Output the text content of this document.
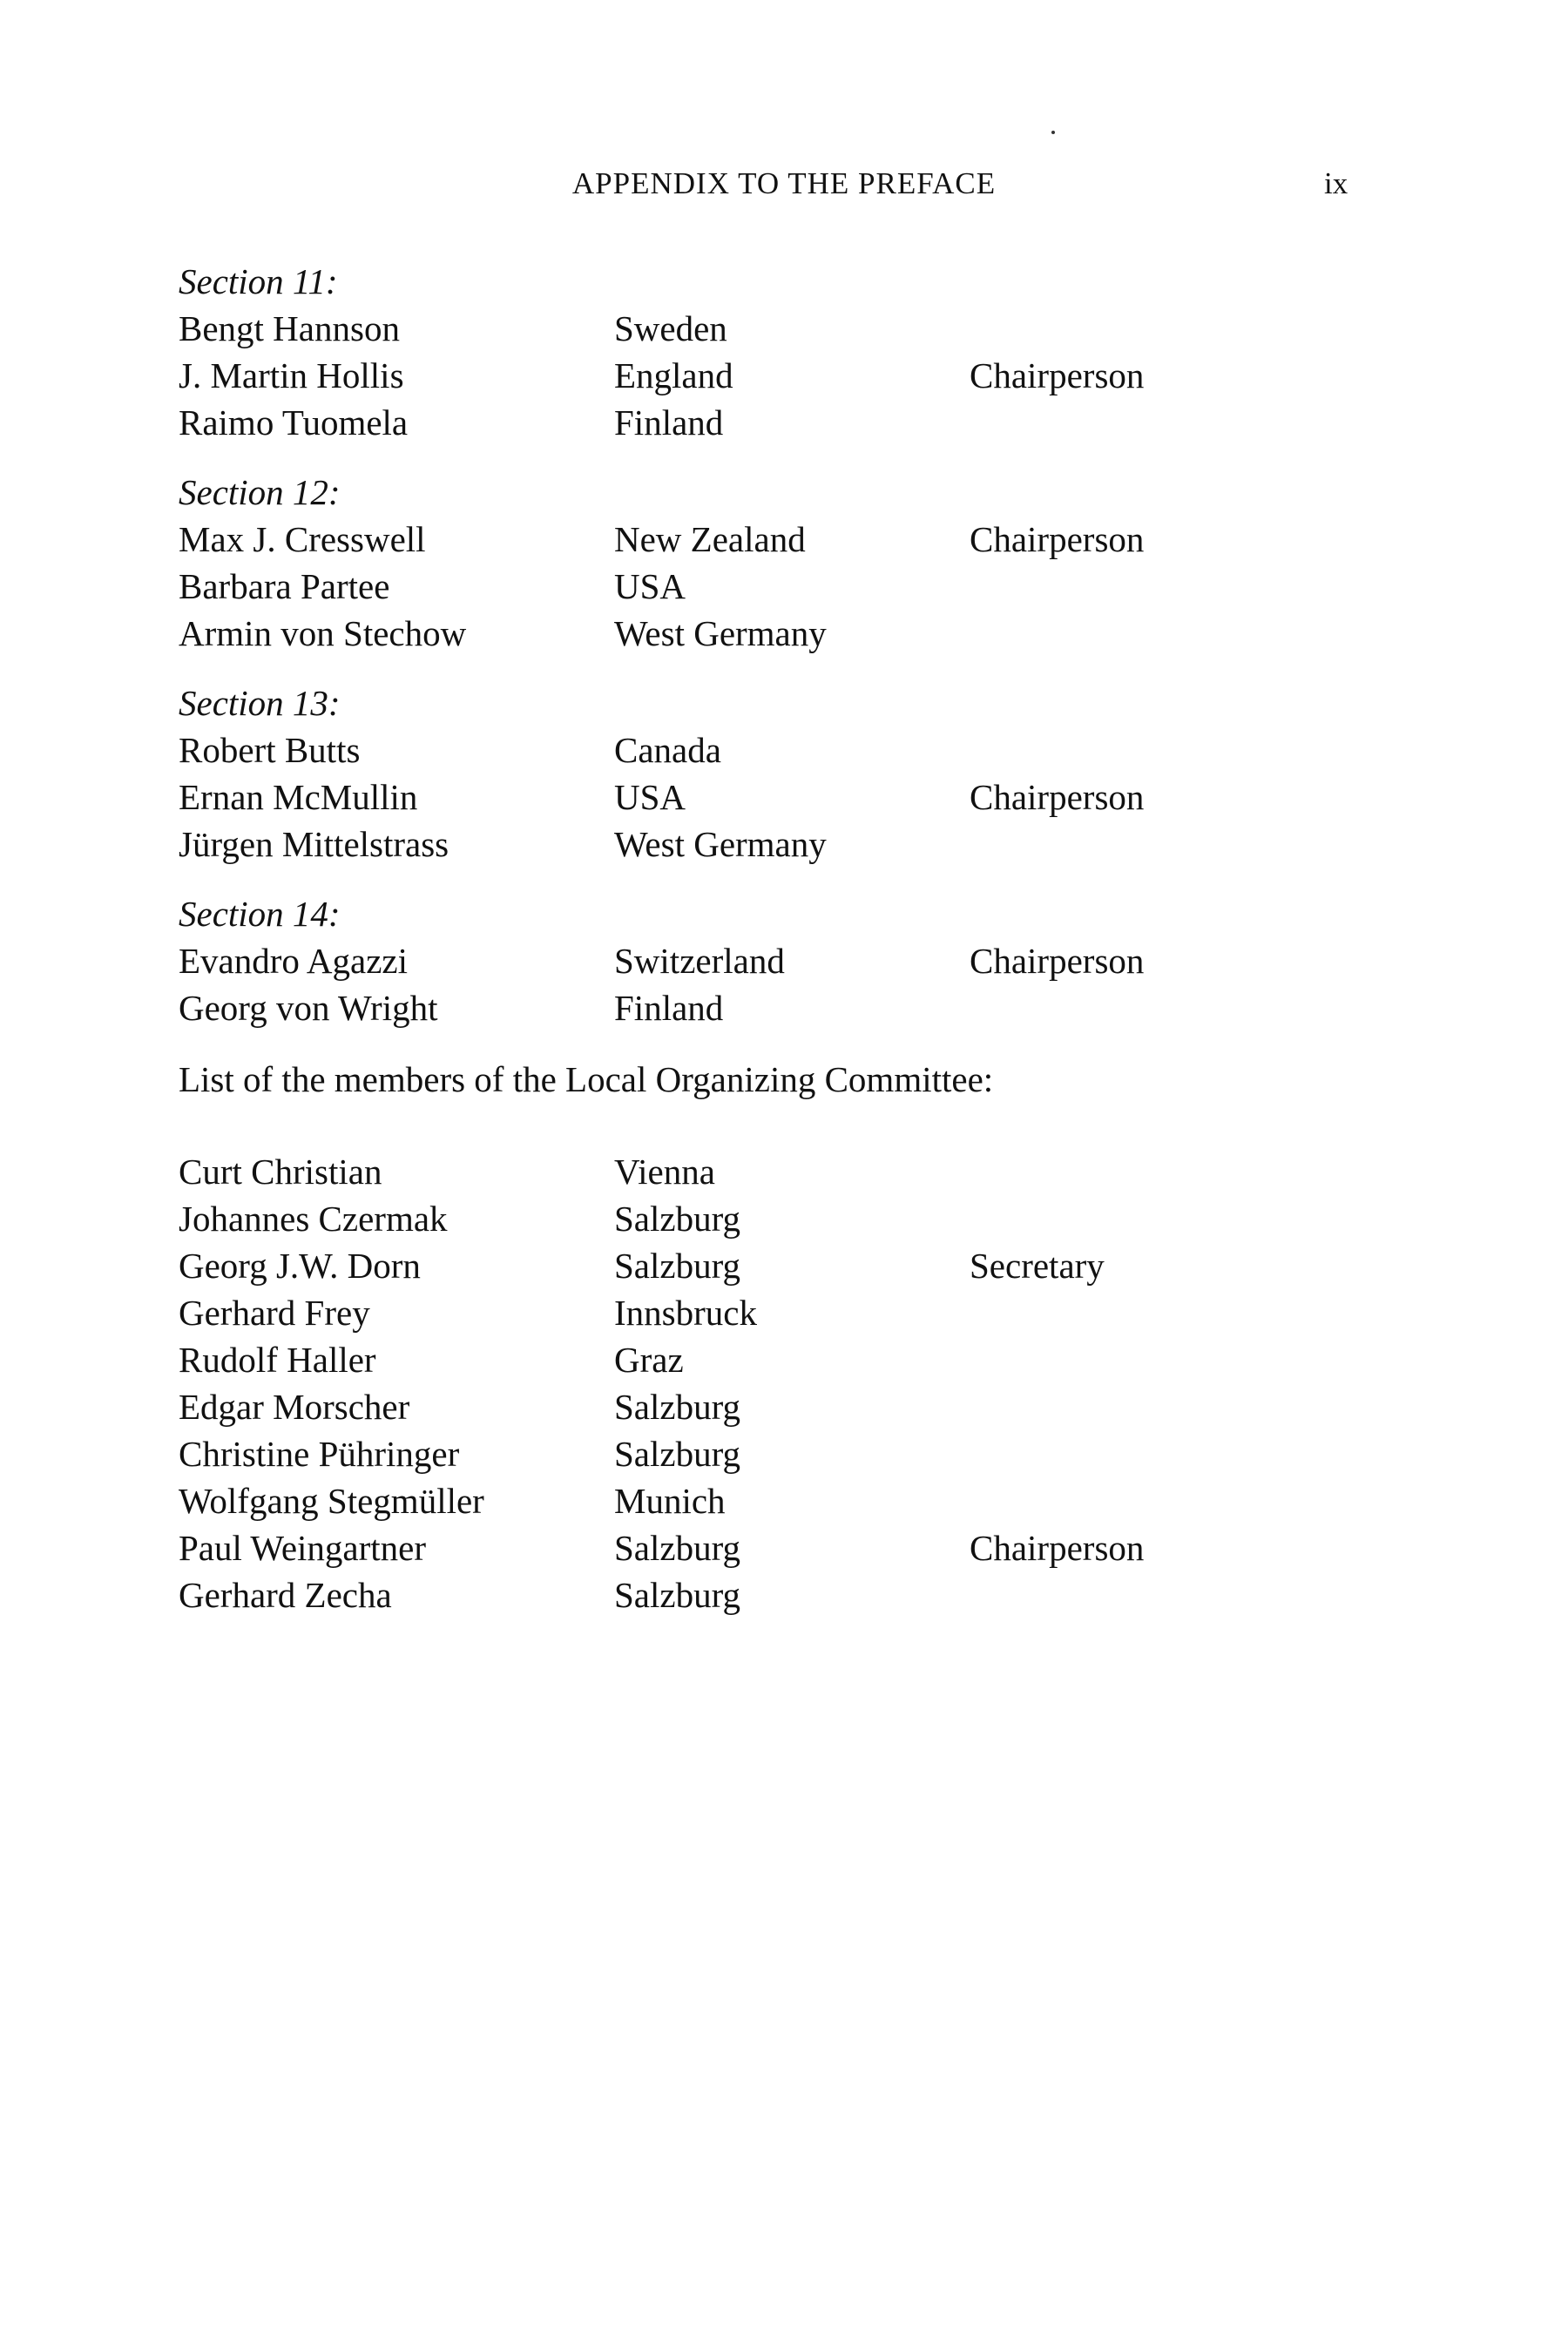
APPENDIX TO THE PREFACE	ix
Section 11:
Bengt Hannson	Sweden
J. Martin Hollis	England	Chairperson
Raimo Tuomela	Finland
Section 12:
Max J. Cresswell	New Zealand	Chairperson
Barbara Partee	USA
Armin von Stechow	West Germany
Section 13:
Robert Butts	Canada
Ernan McMullin	USA	Chairperson
Jürgen Mittelstrass	West Germany
Section 14:
Evandro Agazzi	Switzerland	Chairperson
Georg von Wright	Finland

List of the members of the Local Organizing Committee:

Curt Christian	Vienna
Johannes Czermak	Salzburg
Georg J.W. Dorn	Salzburg	Secretary
Gerhard Frey	Innsbruck
Rudolf Haller	Graz
Edgar Morscher	Salzburg
Christine Pühringer	Salzburg
Wolfgang Stegmüller	Munich
Paul Weingartner	Salzburg	Chairperson
Gerhard Zecha	Salzburg
